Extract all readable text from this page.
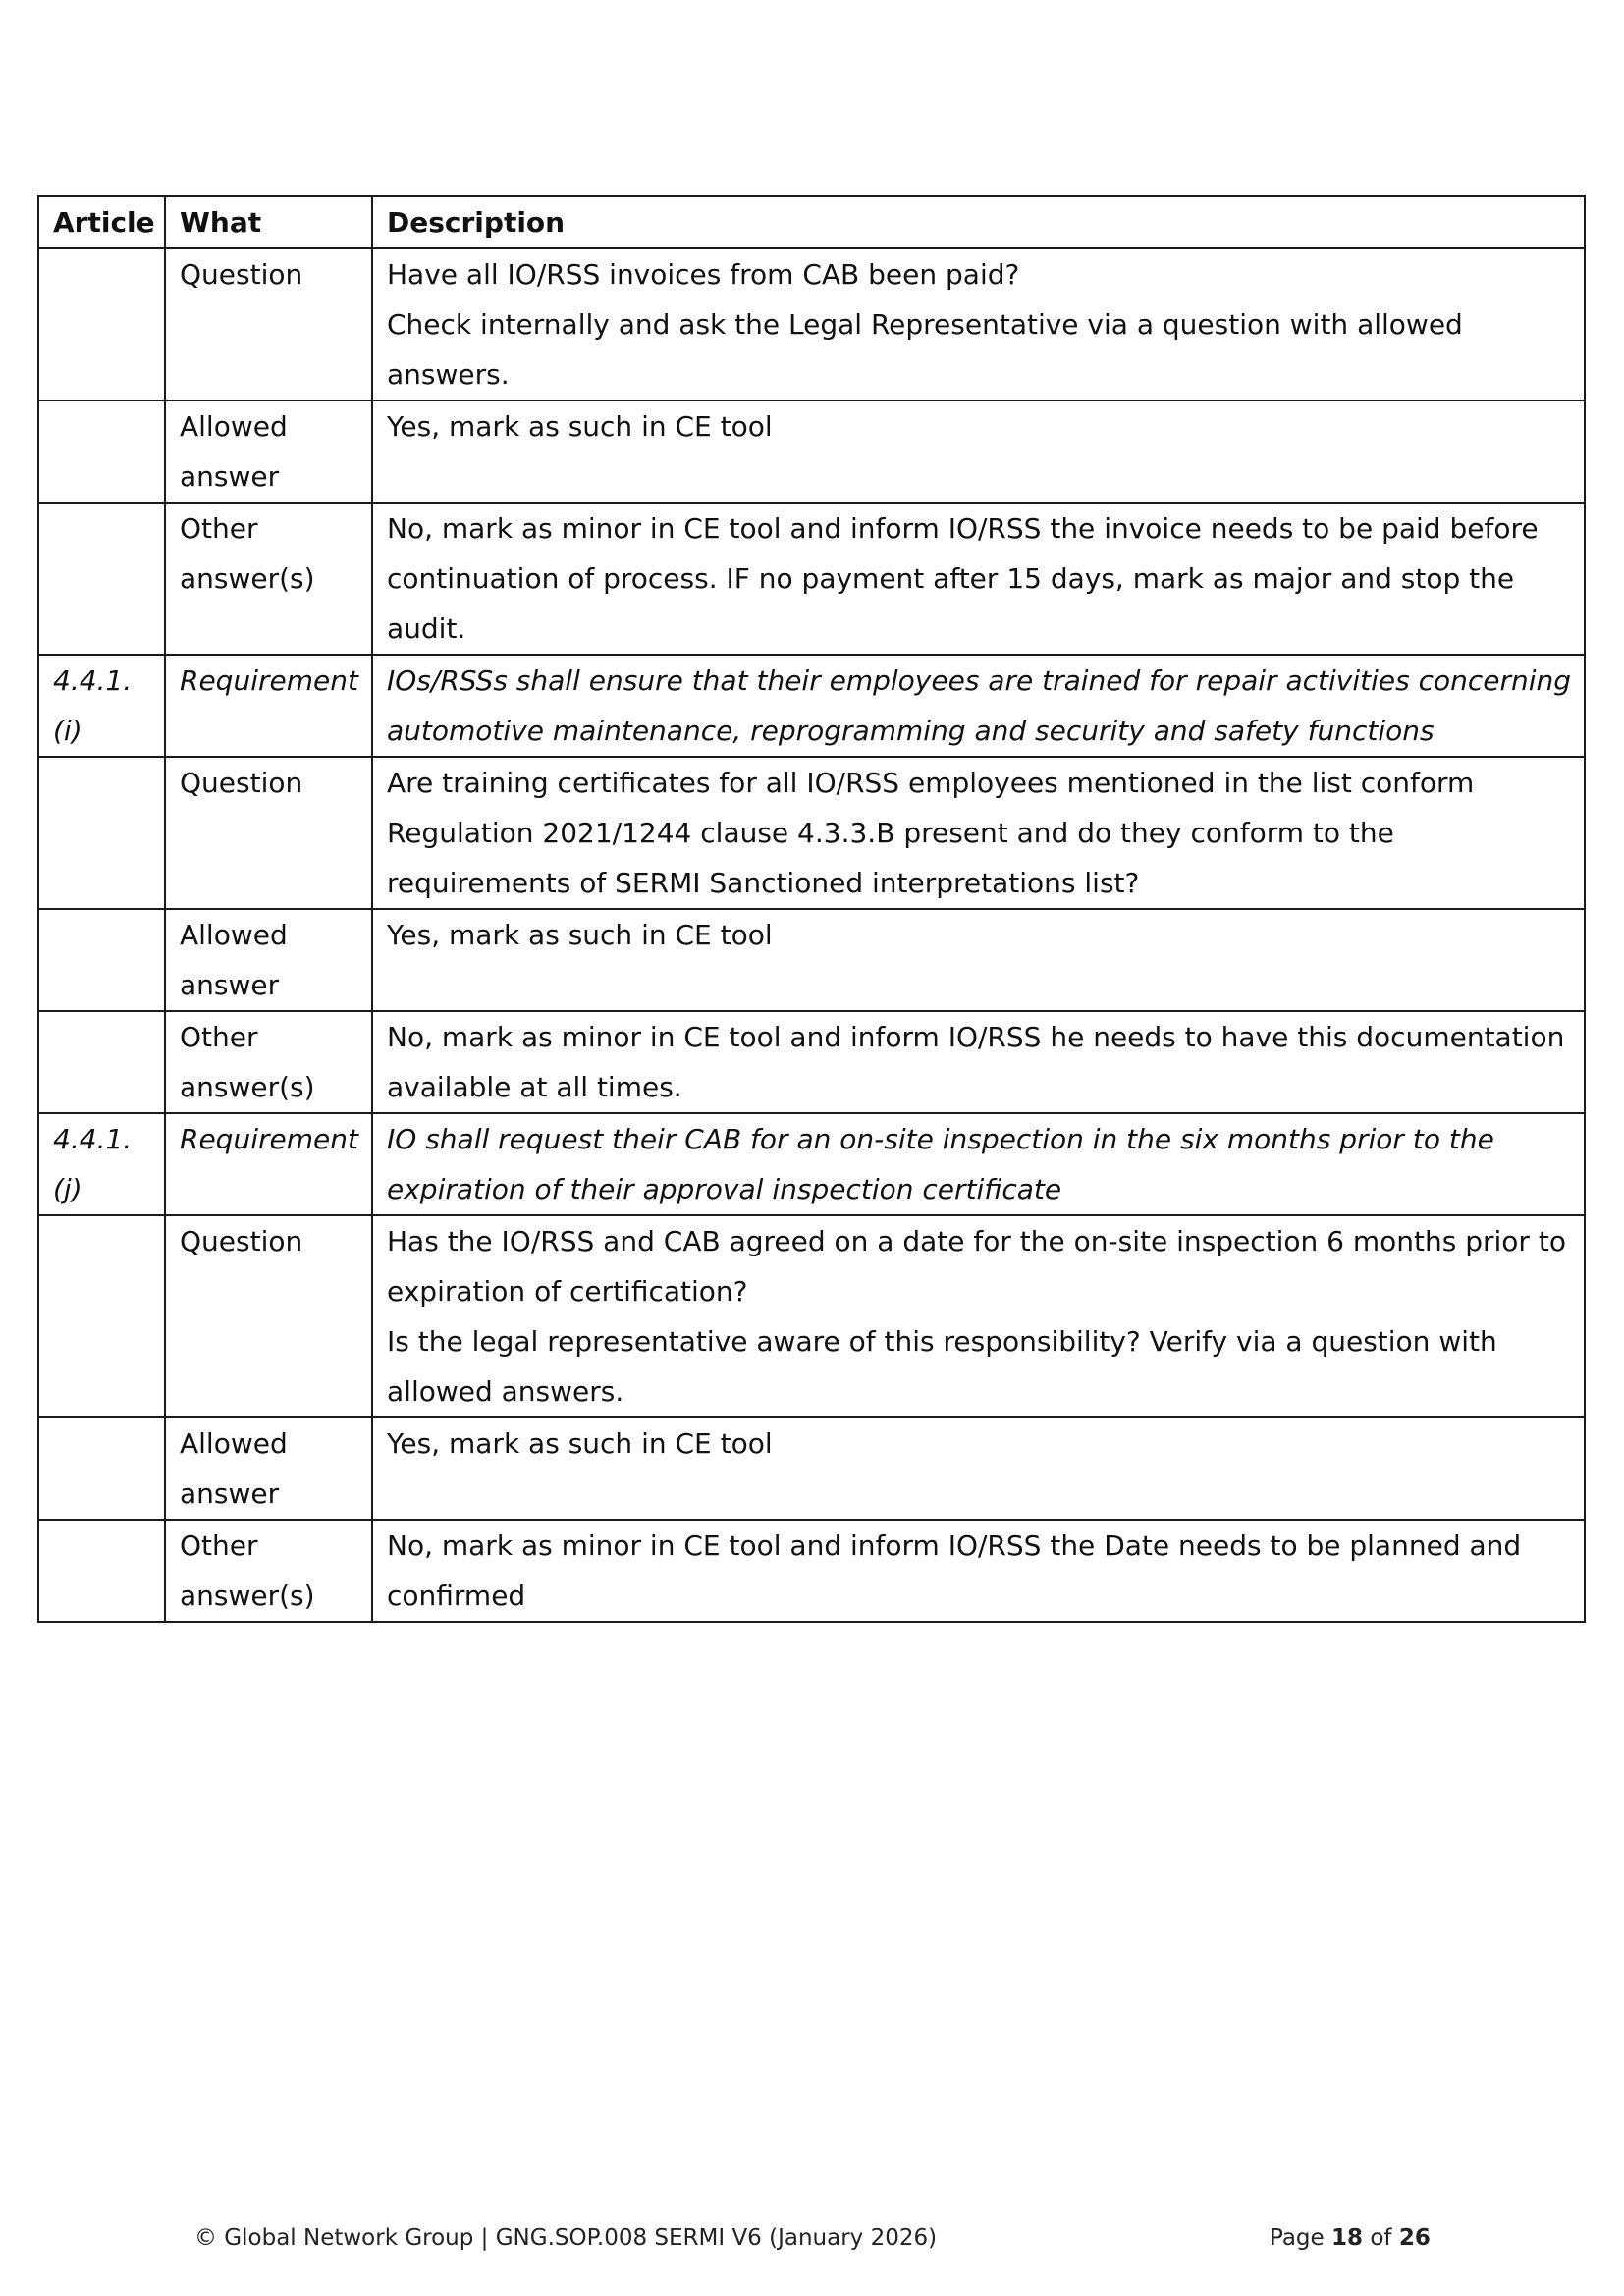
Article	What	Description

	Question	Have all IO/RSS invoices from CAB been paid?
Check internally and ask the Legal Representative via a question with allowed answers.

	Allowed answer	Yes, mark as such in CE tool

	Other answer(s)	No, mark as minor in CE tool and inform IO/RSS the invoice needs to be paid before continuation of process. IF no payment after 15 days, mark as major and stop the audit.

4.4.1.
(i)	Requirement	IOs/RSSs shall ensure that their employees are trained for repair activities concerning automotive maintenance, reprogramming and security and safety functions

	Question	Are training certificates for all IO/RSS employees mentioned in the list conform Regulation 2021/1244 clause 4.3.3.B present and do they conform to the requirements of SERMI Sanctioned interpretations list?

	Allowed answer	Yes, mark as such in CE tool

	Other answer(s)	No, mark as minor in CE tool and inform IO/RSS he needs to have this documentation available at all times.

4.4.1.
(j)	Requirement	IO shall request their CAB for an on-site inspection in the six months prior to the expiration of their approval inspection certificate

	Question	Has the IO/RSS and CAB agreed on a date for the on-site inspection 6 months prior to expiration of certification?
Is the legal representative aware of this responsibility? Verify via a question with allowed answers.

	Allowed answer	Yes, mark as such in CE tool

	Other answer(s)	No, mark as minor in CE tool and inform IO/RSS the Date needs to be planned and confirmed
© Global Network Group | GNG.SOP.008 SERMI V6 (January 2026)	Page 18 of 26
